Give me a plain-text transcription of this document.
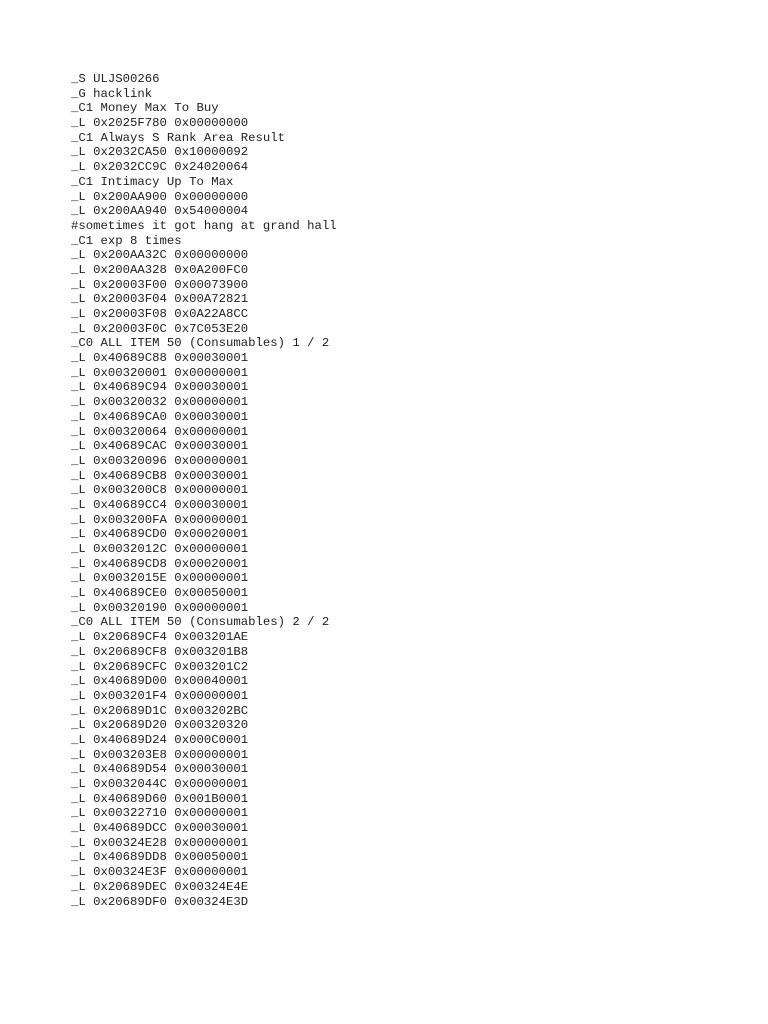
_S ULJS00266
_G hacklink
_C1 Money Max To Buy
_L 0x2025F780 0x00000000
_C1 Always S Rank Area Result
_L 0x2032CA50 0x10000092
_L 0x2032CC9C 0x24020064
_C1 Intimacy Up To Max
_L 0x200AA900 0x00000000
_L 0x200AA940 0x54000004
#sometimes it got hang at grand hall
_C1 exp 8 times
_L 0x200AA32C 0x00000000
_L 0x200AA328 0x0A200FC0
_L 0x20003F00 0x00073900
_L 0x20003F04 0x00A72821
_L 0x20003F08 0x0A22A8CC
_L 0x20003F0C 0x7C053E20
_C0 ALL ITEM 50 (Consumables) 1 / 2
_L 0x40689C88 0x00030001
_L 0x00320001 0x00000001
_L 0x40689C94 0x00030001
_L 0x00320032 0x00000001
_L 0x40689CA0 0x00030001
_L 0x00320064 0x00000001
_L 0x40689CAC 0x00030001
_L 0x00320096 0x00000001
_L 0x40689CB8 0x00030001
_L 0x003200C8 0x00000001
_L 0x40689CC4 0x00030001
_L 0x003200FA 0x00000001
_L 0x40689CD0 0x00020001
_L 0x0032012C 0x00000001
_L 0x40689CD8 0x00020001
_L 0x0032015E 0x00000001
_L 0x40689CE0 0x00050001
_L 0x00320190 0x00000001
_C0 ALL ITEM 50 (Consumables) 2 / 2
_L 0x20689CF4 0x003201AE
_L 0x20689CF8 0x003201B8
_L 0x20689CFC 0x003201C2
_L 0x40689D00 0x00040001
_L 0x003201F4 0x00000001
_L 0x20689D1C 0x003202BC
_L 0x20689D20 0x00320320
_L 0x40689D24 0x000C0001
_L 0x003203E8 0x00000001
_L 0x40689D54 0x00030001
_L 0x0032044C 0x00000001
_L 0x40689D60 0x001B0001
_L 0x00322710 0x00000001
_L 0x40689DCC 0x00030001
_L 0x00324E28 0x00000001
_L 0x40689DD8 0x00050001
_L 0x00324E3F 0x00000001
_L 0x20689DEC 0x00324E4E
_L 0x20689DF0 0x00324E3D
